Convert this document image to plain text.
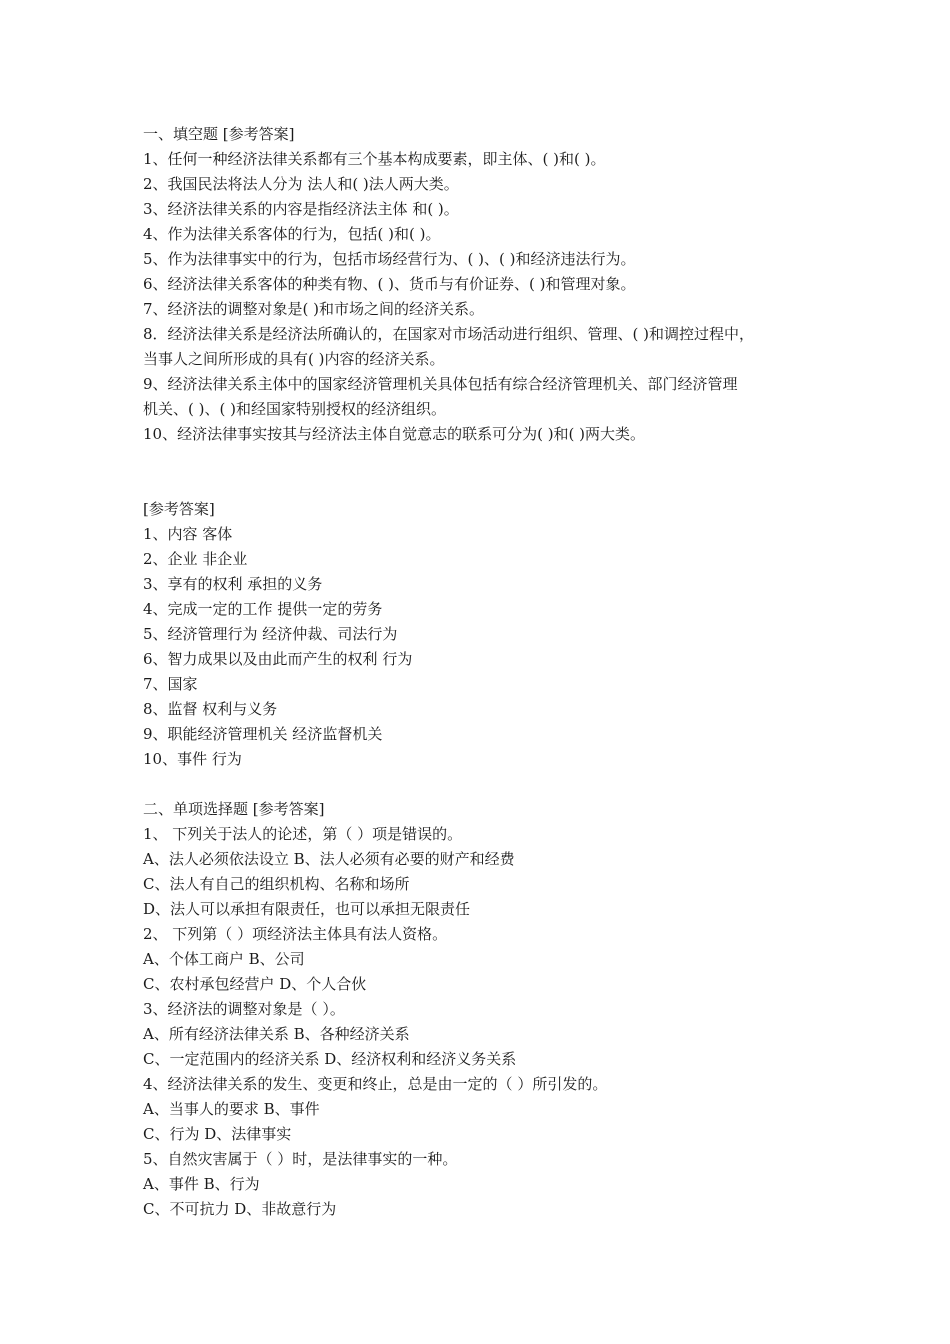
一、填空题 [参考答案]
1、任何一种经济法律关系都有三个基本构成要素，即主体、( )和( )。
2、我国民法将法人分为 法人和( )法人两大类。
3、经济法律关系的内容是指经济法主体 和( )。
4、作为法律关系客体的行为，包括( )和( )。
5、作为法律事实中的行为，包括市场经营行为、( )、( )和经济违法行为。
6、经济法律关系客体的种类有物、( )、货币与有价证券、( )和管理对象。
7、经济法的调整对象是( )和市场之间的经济关系。
8．经济法律关系是经济法所确认的，在国家对市场活动进行组织、管理、( )和调控过程中，
当事人之间所形成的具有( )内容的经济关系。
9、经济法律关系主体中的国家经济管理机关具体包括有综合经济管理机关、部门经济管理
机关、( )、( )和经国家特别授权的经济组织。
10、经济法律事实按其与经济法主体自觉意志的联系可分为( )和( )两大类。
[参考答案]
1、内容 客体
2、企业 非企业
3、享有的权利 承担的义务
4、完成一定的工作 提供一定的劳务
5、经济管理行为 经济仲裁、司法行为
6、智力成果以及由此而产生的权利 行为
7、国家
8、监督 权利与义务
9、职能经济管理机关 经济监督机关
10、事件 行为
二、单项选择题 [参考答案]
1、 下列关于法人的论述，第（ ）项是错误的。
A、法人必须依法设立 B、法人必须有必要的财产和经费
C、法人有自己的组织机构、名称和场所
D、法人可以承担有限责任，也可以承担无限责任
2、 下列第（ ）项经济法主体具有法人资格。
A、个体工商户 B、公司
C、农村承包经营户 D、个人合伙
3、经济法的调整对象是（ ）。
A、所有经济法律关系 B、各种经济关系
C、一定范围内的经济关系 D、经济权利和经济义务关系
4、经济法律关系的发生、变更和终止，总是由一定的（ ）所引发的。
A、当事人的要求 B、事件
C、行为 D、法律事实
5、自然灾害属于（ ）时，是法律事实的一种。
A、事件 B、行为
C、不可抗力 D、非故意行为
